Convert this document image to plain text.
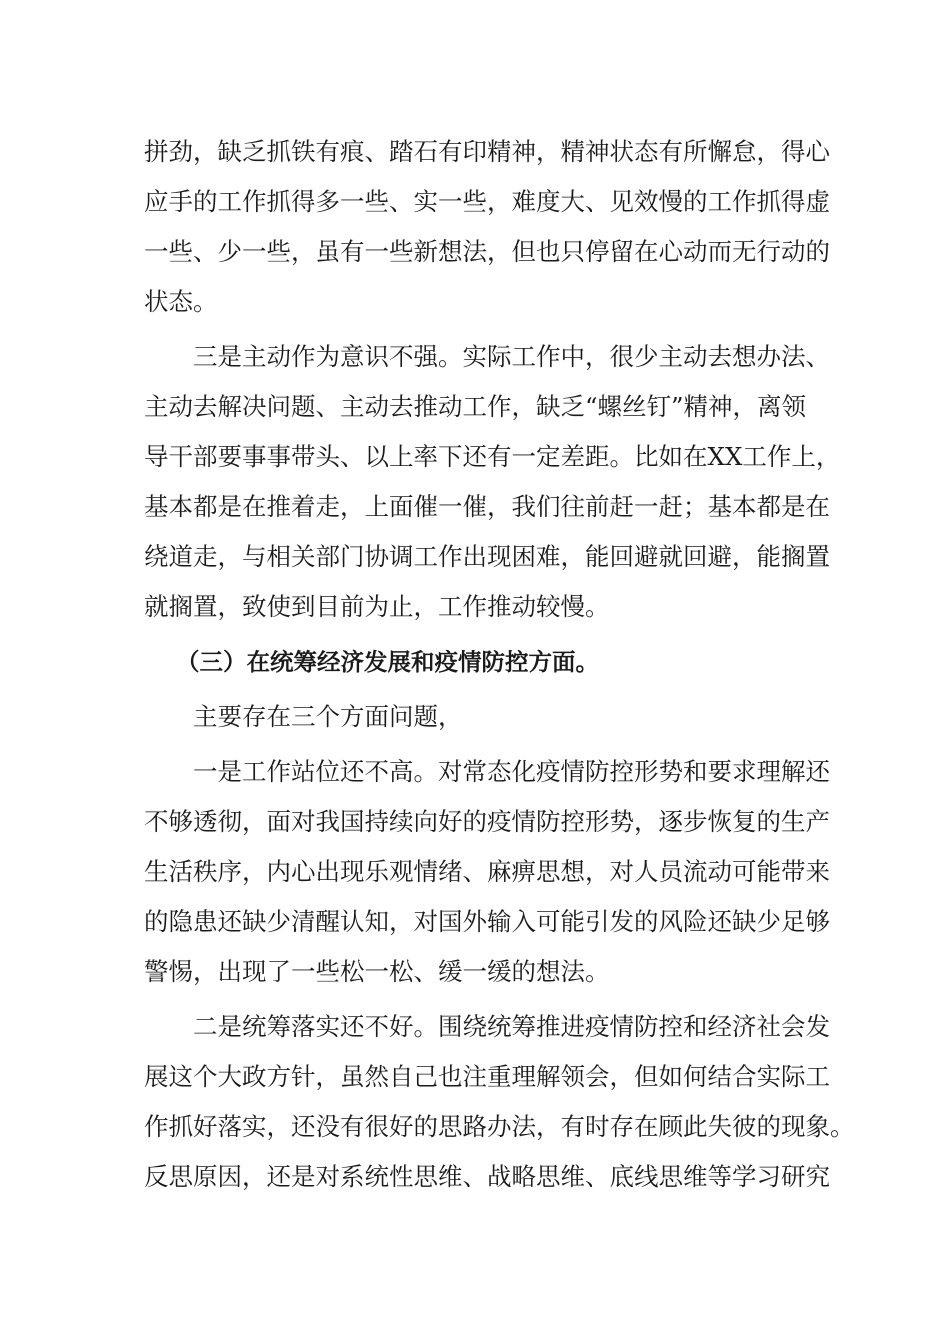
拼劲，缺乏抓铁有痕、踏石有印精神，精神状态有所懈怠，得心
应手的工作抓得多一些、实一些，难度大、见效慢的工作抓得虚
一些、少一些，虽有一些新想法，但也只停留在心动而无行动的
状态。
三是主动作为意识不强。实际工作中，很少主动去想办法、
主动去解决问题、主动去推动工作，缺乏“螺丝钉”精神，离领
导干部要事事带头、以上率下还有一定差距。比如在XX工作上，
基本都是在推着走，上面催一催，我们往前赶一赶；基本都是在
绕道走，与相关部门协调工作出现困难，能回避就回避，能搁置
就搁置，致使到目前为止，工作推动较慢。
（三）在统筹经济发展和疫情防控方面。
主要存在三个方面问题，
一是工作站位还不高。对常态化疫情防控形势和要求理解还
不够透彻，面对我国持续向好的疫情防控形势，逐步恢复的生产
生活秩序，内心出现乐观情绪、麻痹思想，对人员流动可能带来
的隐患还缺少清醒认知，对国外输入可能引发的风险还缺少足够
警惕，出现了一些松一松、缓一缓的想法。
二是统筹落实还不好。围绕统筹推进疫情防控和经济社会发
展这个大政方针，虽然自己也注重理解领会，但如何结合实际工
作抓好落实，还没有很好的思路办法，有时存在顾此失彼的现象。
反思原因，还是对系统性思维、战略思维、底线思维等学习研究
